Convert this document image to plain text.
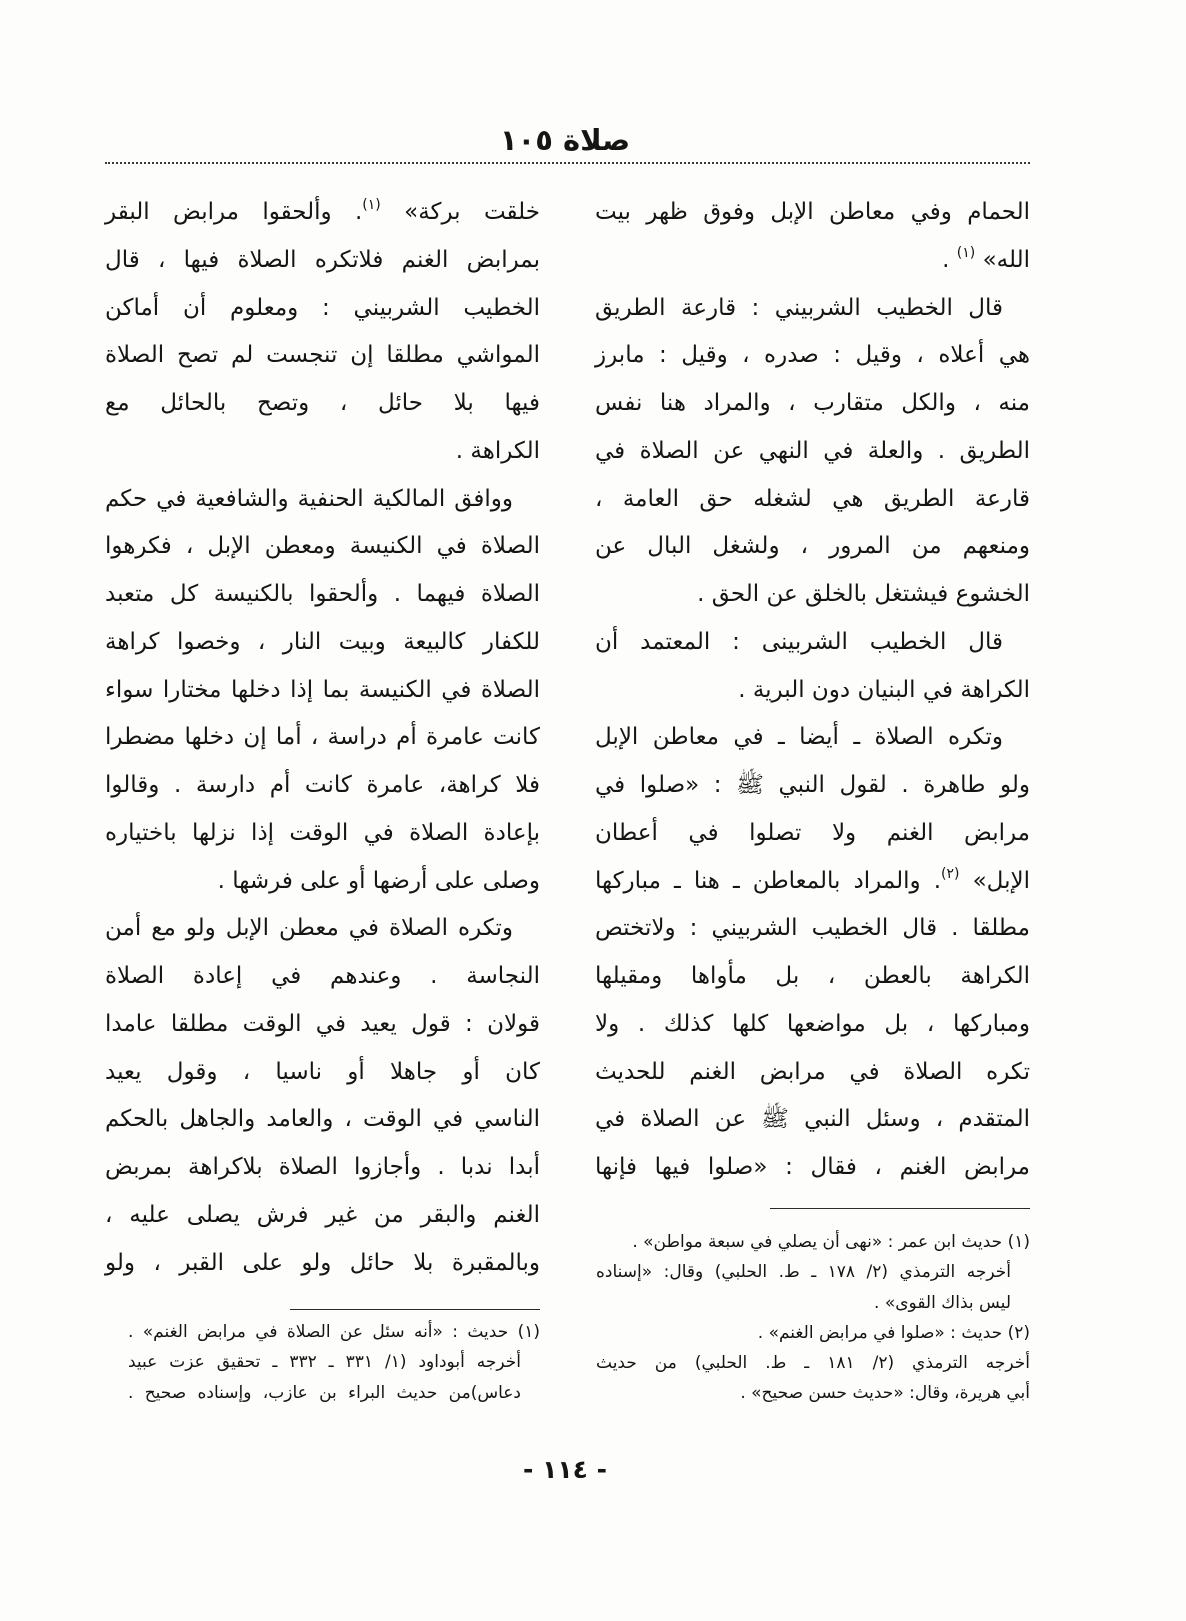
صلاة ١٠٥
الحمام وفي معاطن الإبل وفوق ظهر بيت
الله» $^{(١)}$ .
قال الخطيب الشربيني : قارعة الطريق
هي أعلاه ، وقيل : صدره ، وقيل : مابرز
منه ، والكل متقارب ، والمراد هنا نفس
الطريق . والعلة في النهي عن الصلاة في
قارعة الطريق هي لشغله حق العامة ،
ومنعهم من المرور ، ولشغل البال عن
الخشوع فيشتغل بالخلق عن الحق .
قال الخطيب الشربينى : المعتمد أن
الكراهة في البنيان دون البرية .
وتكره الصلاة ـ أيضا ـ في معاطن الإبل
ولو طاهرة . لقول النبي ﷺ : «صلوا في
مرابض الغنم ولا تصلوا في أعطان
الإبل» $^{(٢)}$. والمراد بالمعاطن ـ هنا ـ مباركها
مطلقا . قال الخطيب الشربيني : ولاتختص
الكراهة بالعطن ، بل مأواها ومقيلها
ومباركها ، بل مواضعها كلها كذلك . ولا
تكره الصلاة في مرابض الغنم للحديث
المتقدم ، وسئل النبي ﷺ عن الصلاة في
مرابض الغنم ، فقال : «صلوا فيها فإنها
(١) حديث ابن عمر : «نهى أن يصلي في سبعة مواطن» .
أخرجه الترمذي (٢/ ١٧٨ ـ ط. الحلبي) وقال: «إسناده
ليس بذاك القوى» .
(٢) حديث : «صلوا في مرابض الغنم» .
أخرجه الترمذي (٢/ ١٨١ ـ ط. الحلبي) من حديث
أبي هريرة، وقال: «حديث حسن صحيح» .
خلقت بركة» $^{(١)}$. وألحقوا مرابض البقر
بمرابض الغنم فلاتكره الصلاة فيها ، قال
الخطيب الشربيني : ومعلوم أن أماكن
المواشي مطلقا إن تنجست لم تصح الصلاة
فيها بلا حائل ، وتصح بالحائل مع
الكراهة .
ووافق المالكية الحنفية والشافعية في حكم
الصلاة في الكنيسة ومعطن الإبل ، فكرهوا
الصلاة فيهما . وألحقوا بالكنيسة كل متعبد
للكفار كالبيعة وبيت النار ، وخصوا كراهة
الصلاة في الكنيسة بما إذا دخلها مختارا سواء
كانت عامرة أم دراسة ، أما إن دخلها مضطرا
فلا كراهة، عامرة كانت أم دارسة . وقالوا
بإعادة الصلاة في الوقت إذا نزلها باختياره
وصلى على أرضها أو على فرشها .
وتكره الصلاة في معطن الإبل ولو مع أمن
النجاسة . وعندهم في إعادة الصلاة
قولان : قول يعيد في الوقت مطلقا عامدا
كان أو جاهلا أو ناسيا ، وقول يعيد
الناسي في الوقت ، والعامد والجاهل بالحكم
أبدا ندبا . وأجازوا الصلاة بلاكراهة بمربض
الغنم والبقر من غير فرش يصلى عليه ،
وبالمقبرة بلا حائل ولو على القبر ، ولو
(١) حديث : «أنه سئل عن الصلاة في مرابض الغنم» .
أخرجه أبوداود (١/ ٣٣١ ـ ٣٣٢ ـ تحقيق عزت عبيد
دعاس)من حديث البراء بن عازب، وإسناده صحيح .
- ١١٤ -
